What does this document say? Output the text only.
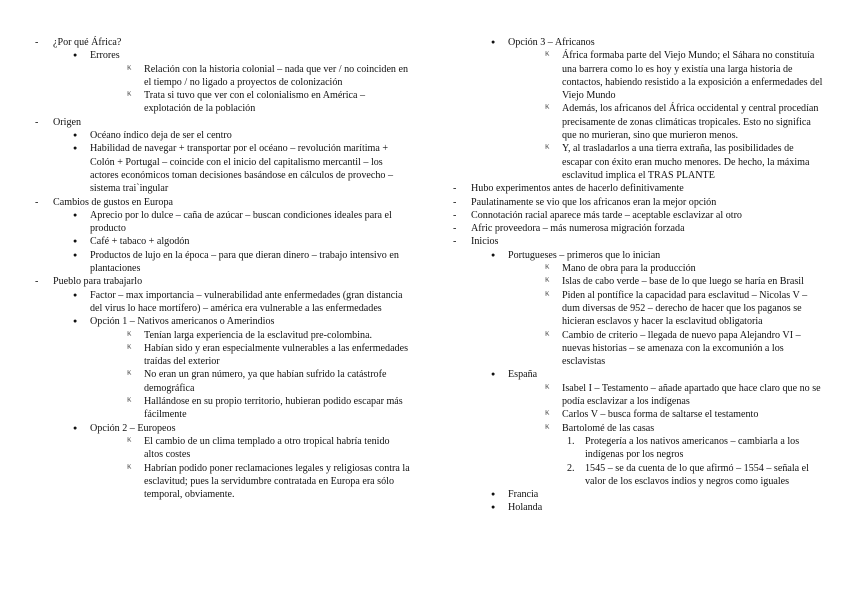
- ¿Por qué África?
● Errores
ᴷ Relación con la historia colonial – nada que ver / no coinciden en el tiempo / no ligado a proyectos de colonización
ᴷ Trata si tuvo que ver con el colonialismo en América – explotación de la población
- Origen
● Océano índico deja de ser el centro
● Habilidad de navegar + transportar por el océano – revolución marítima + Colón + Portugal – coincide con el inicio del capitalismo mercantil – los actores económicos toman decisiones basándose en cálculos de provecho – sistema trai`ingular
- Cambios de gustos en Europa
● Aprecio por lo dulce – caña de azúcar – buscan condiciones ideales para el producto
● Café + tabaco + algodón
● Productos de lujo en la época – para que dieran dinero – trabajo intensivo en plantaciones
- Pueblo para trabajarlo
● Factor – max importancia – vulnerabilidad ante enfermedades (gran distancia del virus lo hace mortífero) – américa era vulnerable a las enfermedades
● Opción 1 – Nativos americanos o Amerindios
ᴷ Tenían larga experiencia de la esclavitud pre-colombina.
ᴷ Habían sido y eran especialmente vulnerables a las enfermedades traídas del exterior
ᴷ No eran un gran número, ya que habían sufrido la catástrofe demográfica
ᴷ Hallándose en su propio territorio, hubieran podido escapar más fácilmente
● Opción 2 – Europeos
ᴷ El cambio de un clima templado a otro tropical habría tenido altos costes
ᴷ Habrían podido poner reclamaciones legales y religiosas contra la esclavitud; pues la servidumbre contratada en Europa era sólo temporal, obviamente.
● Opción 3 – Africanos
ᴷ África formaba parte del Viejo Mundo; el Sáhara no constituía una barrera como lo es hoy y existía una larga historia de contactos, habiendo resistido a la exposición a enfermedades del Viejo Mundo
ᴷ Además, los africanos del África occidental y central procedían precisamente de zonas climáticas tropicales. Esto no significa que no murieran, sino que murieron menos.
ᴷ Y, al trasladarlos a una tierra extraña, las posibilidades de escapar con éxito eran mucho menores. De hecho, la máxima esclavitud implica el TRAS PLANTE
- Hubo experimentos antes de hacerlo definitivamente
- Paulatinamente se vio que los africanos eran la mejor opción
- Connotación racial aparece más tarde – aceptable esclavizar al otro
- Afric proveedora – más numerosa migración forzada
- Inicios
● Portugueses – primeros que lo inician
ᴷ Mano de obra para la producción
ᴷ Islas de cabo verde – base de lo que luego se haría en Brasil
ᴷ Piden al pontífice la capacidad para esclavitud – Nicolas V – dum diversas de 952 – derecho de hacer que los paganos se hicieran esclavos y hacer la esclavitud obligatoria
ᴷ Cambio de criterio – llegada de nuevo papa Alejandro VI – nuevas historias – se amenaza con la excomunión a los esclavistas
● España
ᴷ Isabel I – Testamento – añade apartado que hace claro que no se podía esclavizar a los indígenas
ᴷ Carlos V – busca forma de saltarse el testamento
ᴷ Bartolomé de las casas
1. Protegería a los nativos americanos – cambiarla a los indígenas por los negros
2. 1545 – se da cuenta de lo que afirmó – 1554 – señala el valor de los esclavos indios y negros como iguales
● Francia
● Holanda
